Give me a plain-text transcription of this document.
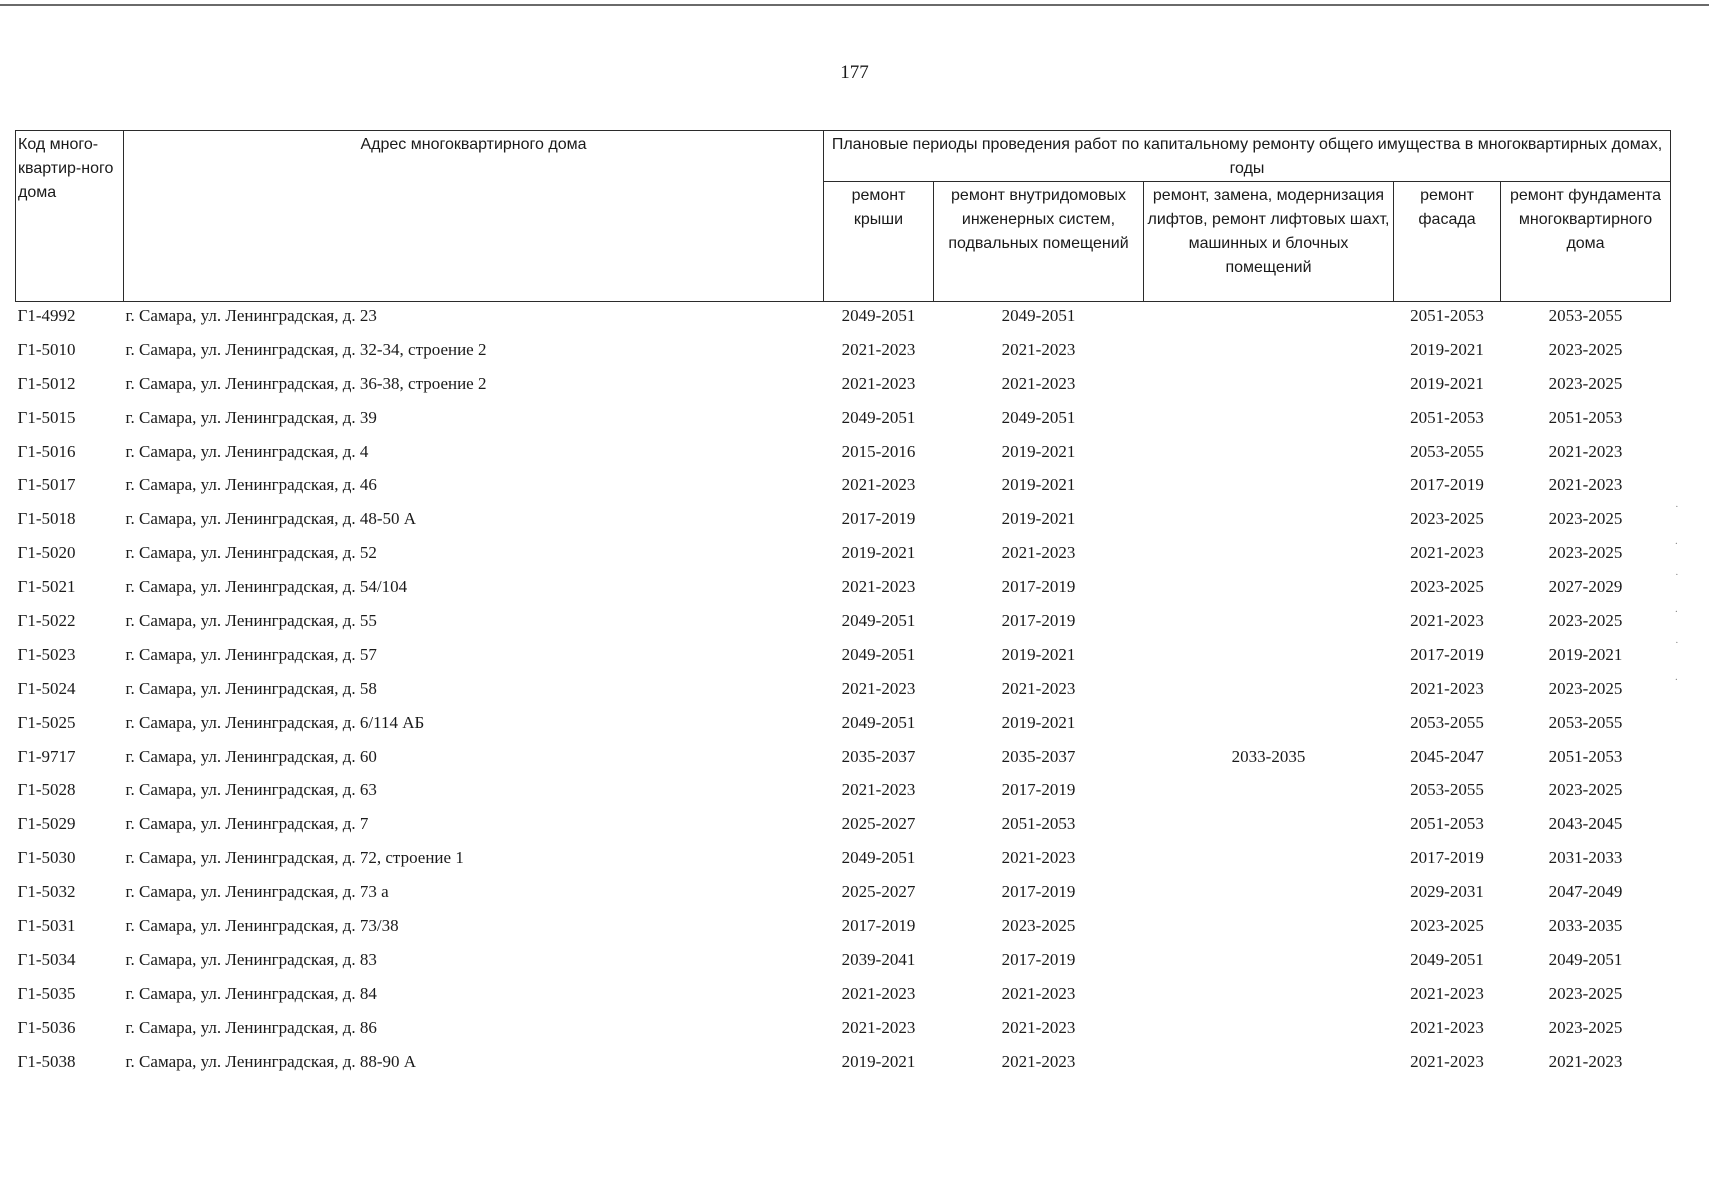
177
Код много-квартир-ного дома	Адрес многоквартирного дома	Плановые периоды проведения работ по капитальному ремонту общего имущества в многоквартирных домах, годы				
		ремонт крыши	ремонт внутридомовых инженерных систем, подвальных помещений	ремонт, замена, модернизация лифтов, ремонт лифтовых шахт, машинных и блочных помещений	ремонт фасада	ремонт фундамента многоквартирного дома
Г1-4992	г. Самара, ул. Ленинградская, д. 23	2049-2051	2049-2051		2051-2053	2053-2055
Г1-5010	г. Самара, ул. Ленинградская, д. 32-34, строение 2	2021-2023	2021-2023		2019-2021	2023-2025
Г1-5012	г. Самара, ул. Ленинградская, д. 36-38, строение 2	2021-2023	2021-2023		2019-2021	2023-2025
Г1-5015	г. Самара, ул. Ленинградская, д. 39	2049-2051	2049-2051		2051-2053	2051-2053
Г1-5016	г. Самара, ул. Ленинградская, д. 4	2015-2016	2019-2021		2053-2055	2021-2023
Г1-5017	г. Самара, ул. Ленинградская, д. 46	2021-2023	2019-2021		2017-2019	2021-2023
Г1-5018	г. Самара, ул. Ленинградская, д. 48-50 А	2017-2019	2019-2021		2023-2025	2023-2025
Г1-5020	г. Самара, ул. Ленинградская, д. 52	2019-2021	2021-2023		2021-2023	2023-2025
Г1-5021	г. Самара, ул. Ленинградская, д. 54/104	2021-2023	2017-2019		2023-2025	2027-2029
Г1-5022	г. Самара, ул. Ленинградская, д. 55	2049-2051	2017-2019		2021-2023	2023-2025
Г1-5023	г. Самара, ул. Ленинградская, д. 57	2049-2051	2019-2021		2017-2019	2019-2021
Г1-5024	г. Самара, ул. Ленинградская, д. 58	2021-2023	2021-2023		2021-2023	2023-2025
Г1-5025	г. Самара, ул. Ленинградская, д. 6/114 АБ	2049-2051	2019-2021		2053-2055	2053-2055
Г1-9717	г. Самара, ул. Ленинградская, д. 60	2035-2037	2035-2037	2033-2035	2045-2047	2051-2053
Г1-5028	г. Самара, ул. Ленинградская, д. 63	2021-2023	2017-2019		2053-2055	2023-2025
Г1-5029	г. Самара, ул. Ленинградская, д. 7	2025-2027	2051-2053		2051-2053	2043-2045
Г1-5030	г. Самара, ул. Ленинградская, д. 72, строение 1	2049-2051	2021-2023		2017-2019	2031-2033
Г1-5032	г. Самара, ул. Ленинградская, д. 73 а	2025-2027	2017-2019		2029-2031	2047-2049
Г1-5031	г. Самара, ул. Ленинградская, д. 73/38	2017-2019	2023-2025		2023-2025	2033-2035
Г1-5034	г. Самара, ул. Ленинградская, д. 83	2039-2041	2017-2019		2049-2051	2049-2051
Г1-5035	г. Самара, ул. Ленинградская, д. 84	2021-2023	2021-2023		2021-2023	2023-2025
Г1-5036	г. Самара, ул. Ленинградская, д. 86	2021-2023	2021-2023		2021-2023	2023-2025
Г1-5038	г. Самара, ул. Ленинградская, д. 88-90 А	2019-2021	2021-2023		2021-2023	2021-2023
·
.
·
.
·
.
